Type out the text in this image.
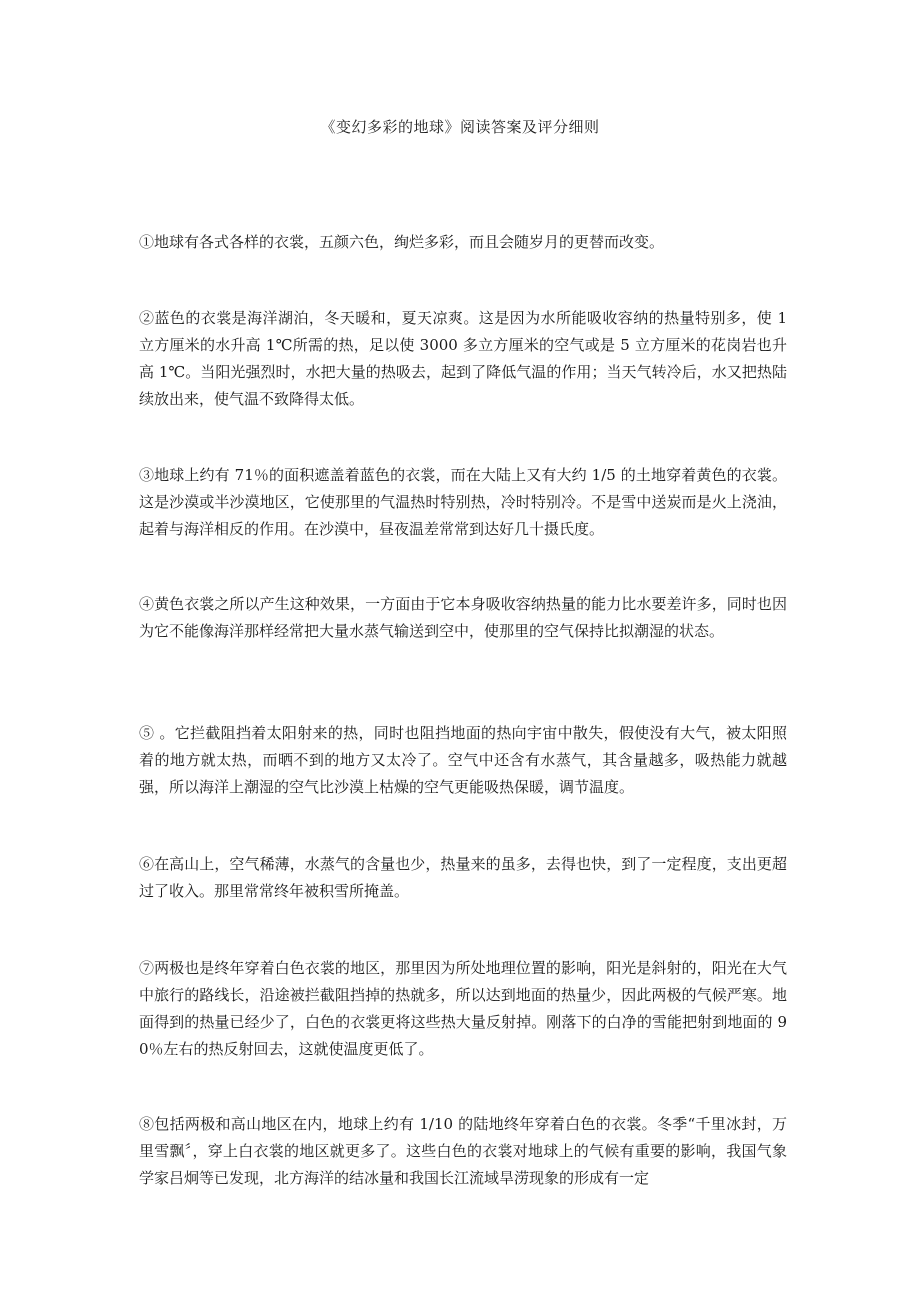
《变幻多彩的地球》阅读答案及评分细则

①地球有各式各样的衣裳，五颜六色，绚烂多彩，而且会随岁月的更替而改变。

②蓝色的衣裳是海洋湖泊，冬天暖和，夏天凉爽。这是因为水所能吸收容纳的热量特别多，使 1 立方厘米的水升高 1℃所需的热，足以使 3000 多立方厘米的空气或是 5 立方厘米的花岗岩也升高 1℃。当阳光强烈时，水把大量的热吸去，起到了降低气温的作用；当天气转冷后，水又把热陆续放出来，使气温不致降得太低。

③地球上约有 71％的面积遮盖着蓝色的衣裳，而在大陆上又有大约 1/5 的土地穿着黄色的衣裳。这是沙漠或半沙漠地区，它使那里的气温热时特别热，冷时特别冷。不是雪中送炭而是火上浇油，起着与海洋相反的作用。在沙漠中，昼夜温差常常到达好几十摄氏度。

④黄色衣裳之所以产生这种效果，一方面由于它本身吸收容纳热量的能力比水要差许多，同时也因为它不能像海洋那样经常把大量水蒸气输送到空中，使那里的空气保持比拟潮湿的状态。

⑤ 。它拦截阻挡着太阳射来的热，同时也阻挡地面的热向宇宙中散失，假使没有大气，被太阳照着的地方就太热，而晒不到的地方又太冷了。空气中还含有水蒸气，其含量越多，吸热能力就越强，所以海洋上潮湿的空气比沙漠上枯燥的空气更能吸热保暖，调节温度。

⑥在高山上，空气稀薄，水蒸气的含量也少，热量来的虽多，去得也快，到了一定程度，支出更超过了收入。那里常常终年被积雪所掩盖。

⑦两极也是终年穿着白色衣裳的地区，那里因为所处地理位置的影响，阳光是斜射的，阳光在大气中旅行的路线长，沿途被拦截阻挡掉的热就多，所以达到地面的热量少，因此两极的气候严寒。地面得到的热量已经少了，白色的衣裳更将这些热大量反射掉。刚落下的白净的雪能把射到地面的 90％左右的热反射回去，这就使温度更低了。

⑧包括两极和高山地区在内，地球上约有 1/10 的陆地终年穿着白色的衣裳。冬季“千里冰封，万里雪飘〞，穿上白衣裳的地区就更多了。这些白色的衣裳对地球上的气候有重要的影响，我国气象学家吕炯等已发现，北方海洋的结冰量和我国长江流域旱涝现象的形成有一定
